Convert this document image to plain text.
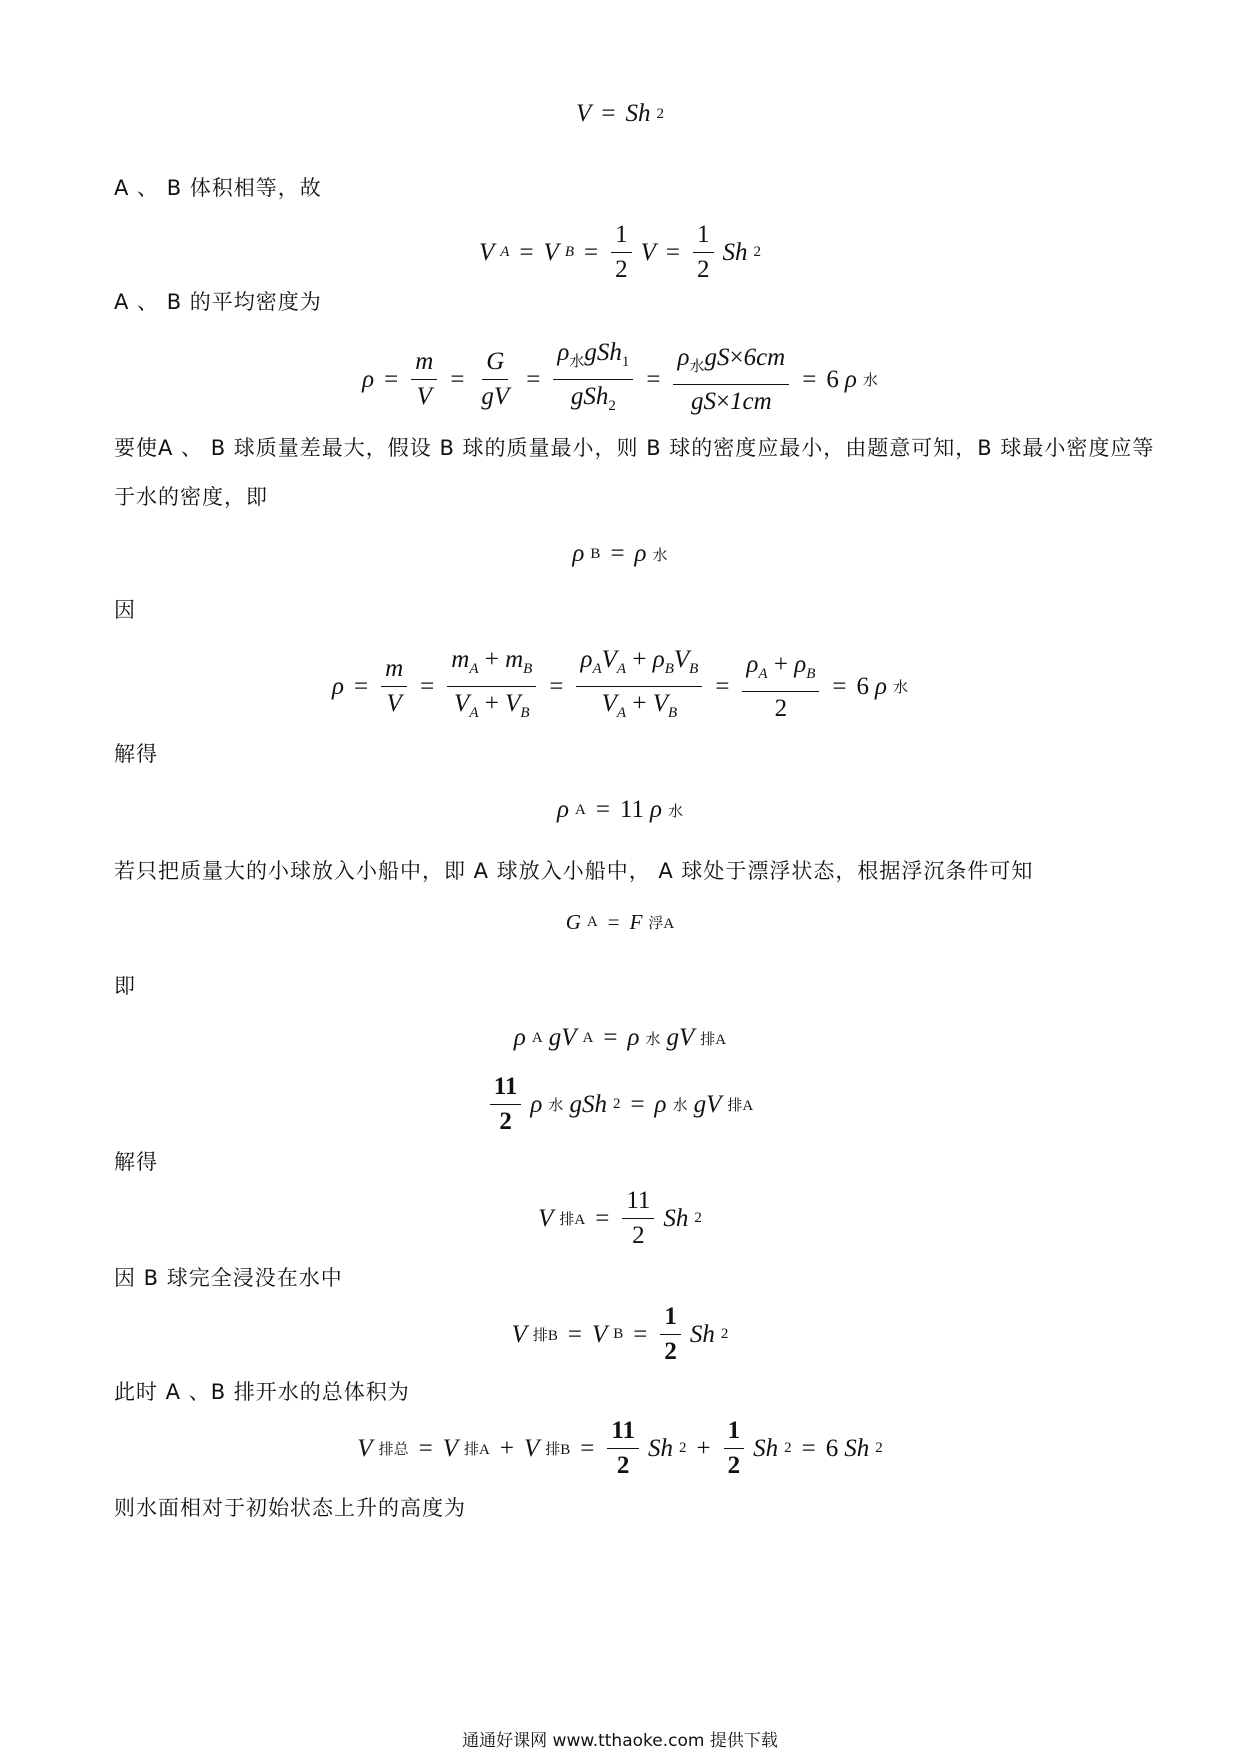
V = Sh 2
A 、 B 体积相等，故
V A = V $B = \frac{1}{2}$ $V = \frac{1}{2}$ Sh 2
A 、 B 的平均密度为
$\rho = \frac{m}{V} = \frac{G}{gV} = \frac{\rho_水gSh_1}{gSh_2} = \frac{\rho_水gS\times 6cm}{gS\times 1cm} = 6$ ρ 水
要使A 、 B 球质量差最大，假设 B 球的质量最小，则 B 球的密度应最小，由题意可知，B 球最小密度应等
于水的密度，即
ρ B = ρ 水
因
$\rho = \frac{m}{V} = \frac{m_A + m_B}{V_A + V_B} = \frac{\rho_AV_A + \rho_BV_B}{V_A + V_B} = \frac{\rho_A + \rho_B}{2} = 6$ ρ 水
解得
ρ A = 11 ρ 水
若只把质量大的小球放入小船中，即 A 球放入小船中， A 球处于漂浮状态，根据浮沉条件可知
G A = F 浮A
即
ρ A gV A = ρ 水 gV 排A
$\frac{11}{2}$ ρ 水 gSh 2 = ρ 水 gV 排A
解得
V 排$A = \frac{11}{2}$ Sh 2
因 B 球完全浸没在水中
V 排B = V $B = \frac{1}{2}$ Sh 2
此时 A 、B 排开水的总体积为
V 排总 = V 排A + V 排$B = \frac{11}{2}$ Sh $2 + \frac{1}{2}$ Sh 2 = 6 Sh 2
则水面相对于初始状态上升的高度为
通通好课网 www.tthaoke.com 提供下载
